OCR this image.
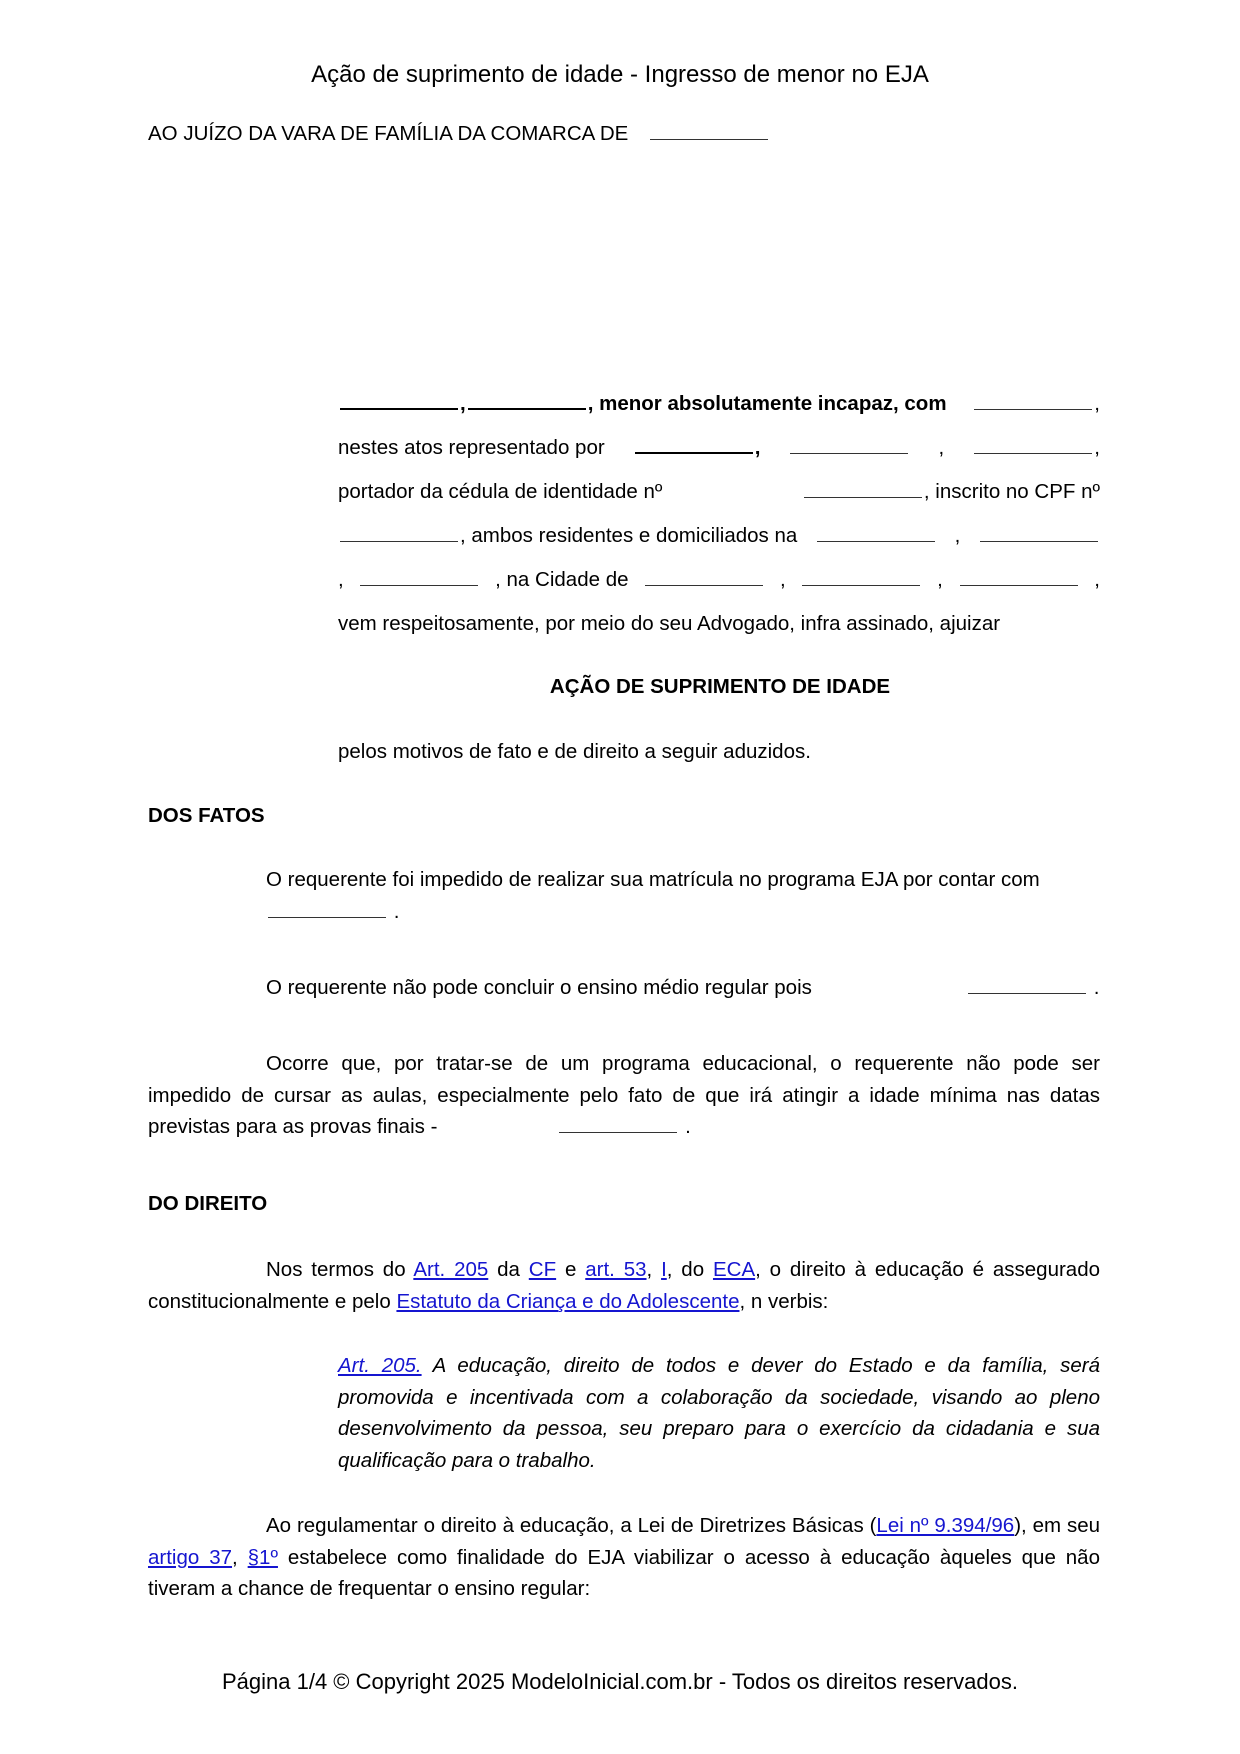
Ação de suprimento de idade - Ingresso de menor no EJA
AO JUÍZO DA VARA DE FAMÍLIA DA COMARCA DE
,	, menor absolutamente incapaz, com	,
nestes atos representado por	,	,	,
portador da cédula de identidade nº	, inscrito no CPF nº
, ambos residentes e domiciliados na	,
,	, na Cidade de	,	,	,
vem respeitosamente, por meio do seu Advogado, infra assinado, ajuizar
AÇÃO DE SUPRIMENTO DE IDADE
pelos motivos de fato e de direito a seguir aduzidos.
DOS FATOS
O requerente foi impedido de realizar sua matrícula no programa EJA por contar com
.
O requerente não pode concluir o ensino médio regular pois	.
Ocorre que, por tratar-se de um programa educacional, o requerente não pode ser impedido de cursar as aulas, especialmente pelo fato de que irá atingir a idade mínima nas datas previstas para as provas finais -	.
DO DIREITO
Nos termos do Art. 205 da CF e art. 53, I, do ECA, o direito à educação é assegurado constitucionalmente e pelo Estatuto da Criança e do Adolescente, n verbis:
Art. 205. A educação, direito de todos e dever do Estado e da família, será promovida e incentivada com a colaboração da sociedade, visando ao pleno desenvolvimento da pessoa, seu preparo para o exercício da cidadania e sua qualificação para o trabalho.
Ao regulamentar o direito à educação, a Lei de Diretrizes Básicas (Lei nº 9.394/96), em seu artigo 37, §1º estabelece como finalidade do EJA viabilizar o acesso à educação àqueles que não tiveram a chance de frequentar o ensino regular:
Página 1/4 © Copyright 2025 ModeloInicial.com.br - Todos os direitos reservados.
